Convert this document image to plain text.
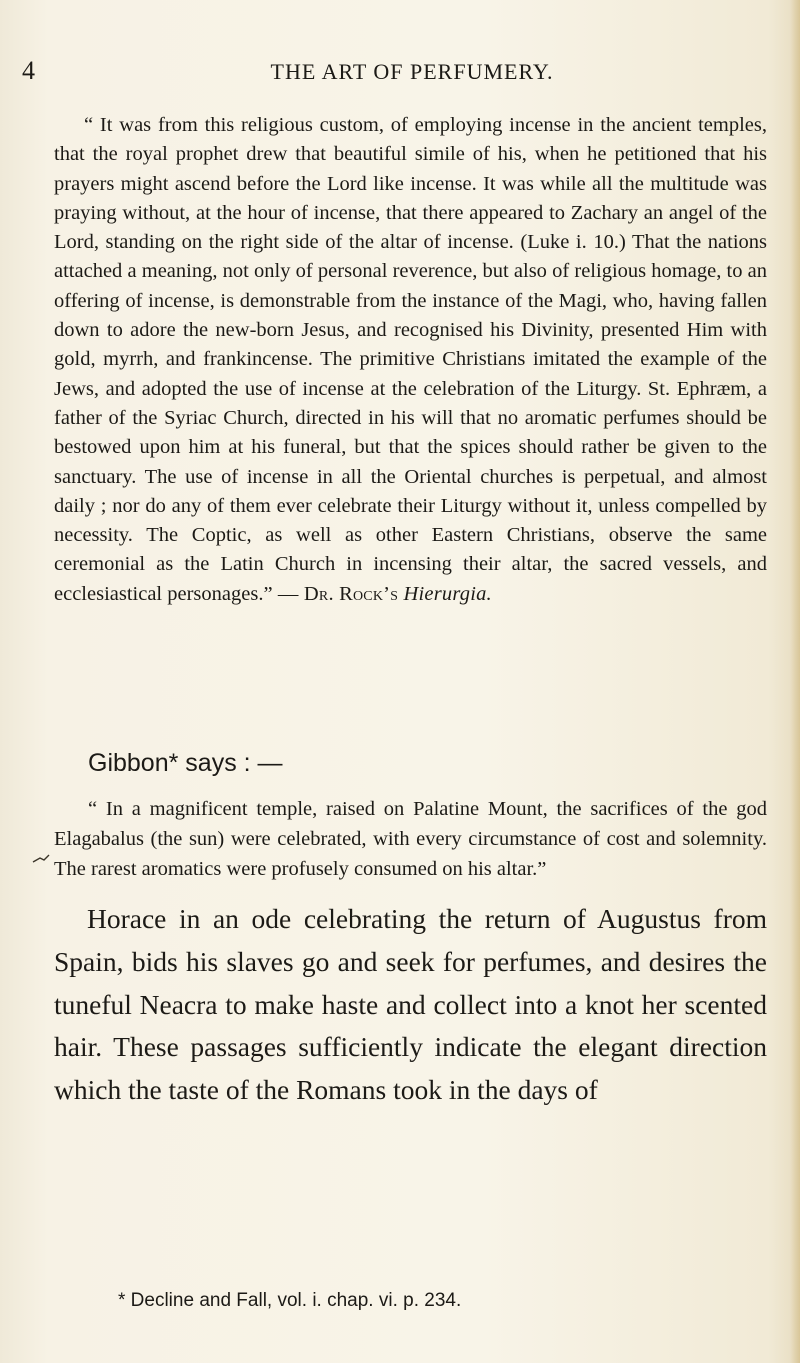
4	THE ART OF PERFUMERY.

“ It was from this religious custom, of employing incense in the ancient temples, that the royal prophet drew that beautiful simile of his, when he petitioned that his prayers might ascend before the Lord like incense. It was while all the multitude was praying without, at the hour of incense, that there appeared to Zachary an angel of the Lord, standing on the right side of the altar of incense. (Luke i. 10.) That the nations attached a meaning, not only of personal reverence, but also of religious homage, to an offering of incense, is demonstrable from the instance of the Magi, who, having fallen down to adore the new-born Jesus, and recognised his Divinity, presented Him with gold, myrrh, and frankincense. The primitive Christians imitated the example of the Jews, and adopted the use of incense at the celebration of the Liturgy. St. Ephræm, a father of the Syriac Church, directed in his will that no aromatic perfumes should be bestowed upon him at his funeral, but that the spices should rather be given to the sanctuary. The use of incense in all the Oriental churches is perpetual, and almost daily ; nor do any of them ever celebrate their Liturgy without it, unless compelled by necessity. The Coptic, as well as other Eastern Christians, observe the same ceremonial as the Latin Church in incensing their altar, the sacred vessels, and ecclesiastical personages.” — Dr. Rock’s Hierurgia.

Gibbon* says : —

“ In a magnificent temple, raised on Palatine Mount, the sacrifices of the god Elagabalus (the sun) were celebrated, with every circumstance of cost and solemnity. The rarest aromatics were profusely consumed on his altar.”

Horace in an ode celebrating the return of Augustus from Spain, bids his slaves go and seek for perfumes, and desires the tuneful Neacra to make haste and collect into a knot her scented hair. These passages sufficiently indicate the elegant direction which the taste of the Romans took in the days of

* Decline and Fall, vol. i. chap. vi. p. 234.
